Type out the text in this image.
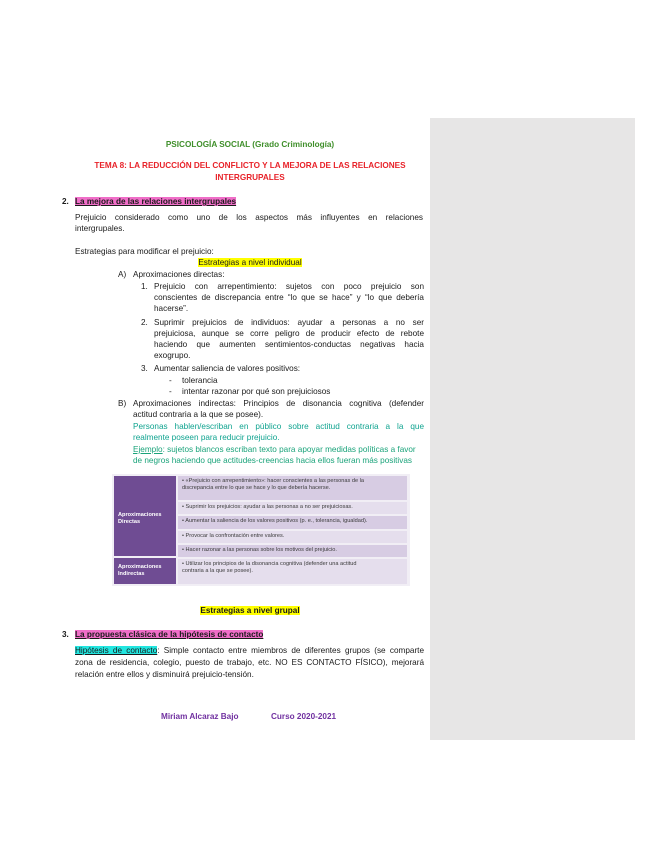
PSICOLOGÍA SOCIAL (Grado Criminología)
TEMA 8: LA REDUCCIÓN DEL CONFLICTO Y LA MEJORA DE LAS RELACIONES
INTERGRUPALES
2. La mejora de las relaciones intergrupales
Prejuicio considerado como uno de los aspectos más influyentes en relaciones
intergrupales.
Estrategias para modificar el prejuicio:
Estrategias a nivel individual
A) Aproximaciones directas:
1. Prejuicio con arrepentimiento: sujetos con poco prejuicio son
conscientes de discrepancia entre “lo que se hace” y “lo que debería
hacerse”.
2. Suprimir prejuicios de individuos: ayudar a personas a no ser
prejuiciosa, aunque se corre peligro de producir efecto de rebote
haciendo que aumenten sentimientos-conductas negativas hacia
exogrupo.
3. Aumentar saliencia de valores positivos:
- tolerancia
- intentar razonar por qué son prejuiciosos
B) Aproximaciones indirectas: Principios de disonancia cognitiva (defender
actitud contraria a la que se posee).
Personas hablen/escriban en público sobre actitud contraria a la que
realmente poseen para reducir prejuicio.
Ejemplo: sujetos blancos escriban texto para apoyar medidas políticas a favor
de negros haciendo que actitudes-creencias hacia ellos fueran más positivas
Aproximaciones
Directas
Aproximaciones
Indirectas
• «Prejuicio con arrepentimiento»: hacer conscientes a las personas de la
discrepancia entre lo que se hace y lo que debería hacerse.
• Suprimir los prejuicios: ayudar a las personas a no ser prejuiciosas.
• Aumentar la saliencia de los valores positivos (p. e., tolerancia, igualdad).
• Provocar la confrontación entre valores.
• Hacer razonar a las personas sobre los motivos del prejuicio.
• Utilizar los principios de la disonancia cognitiva (defender una actitud
contraria a la que se posee).
Estrategias a nivel grupal
3. La propuesta clásica de la hipótesis de contacto
Hipótesis de contacto: Simple contacto entre miembros de diferentes grupos (se comparte
zona de residencia, colegio, puesto de trabajo, etc. NO ES CONTACTO FÍSICO), mejorará
relación entre ellos y disminuirá prejuicio-tensión.
Miriam Alcaraz Bajo	Curso 2020-2021
